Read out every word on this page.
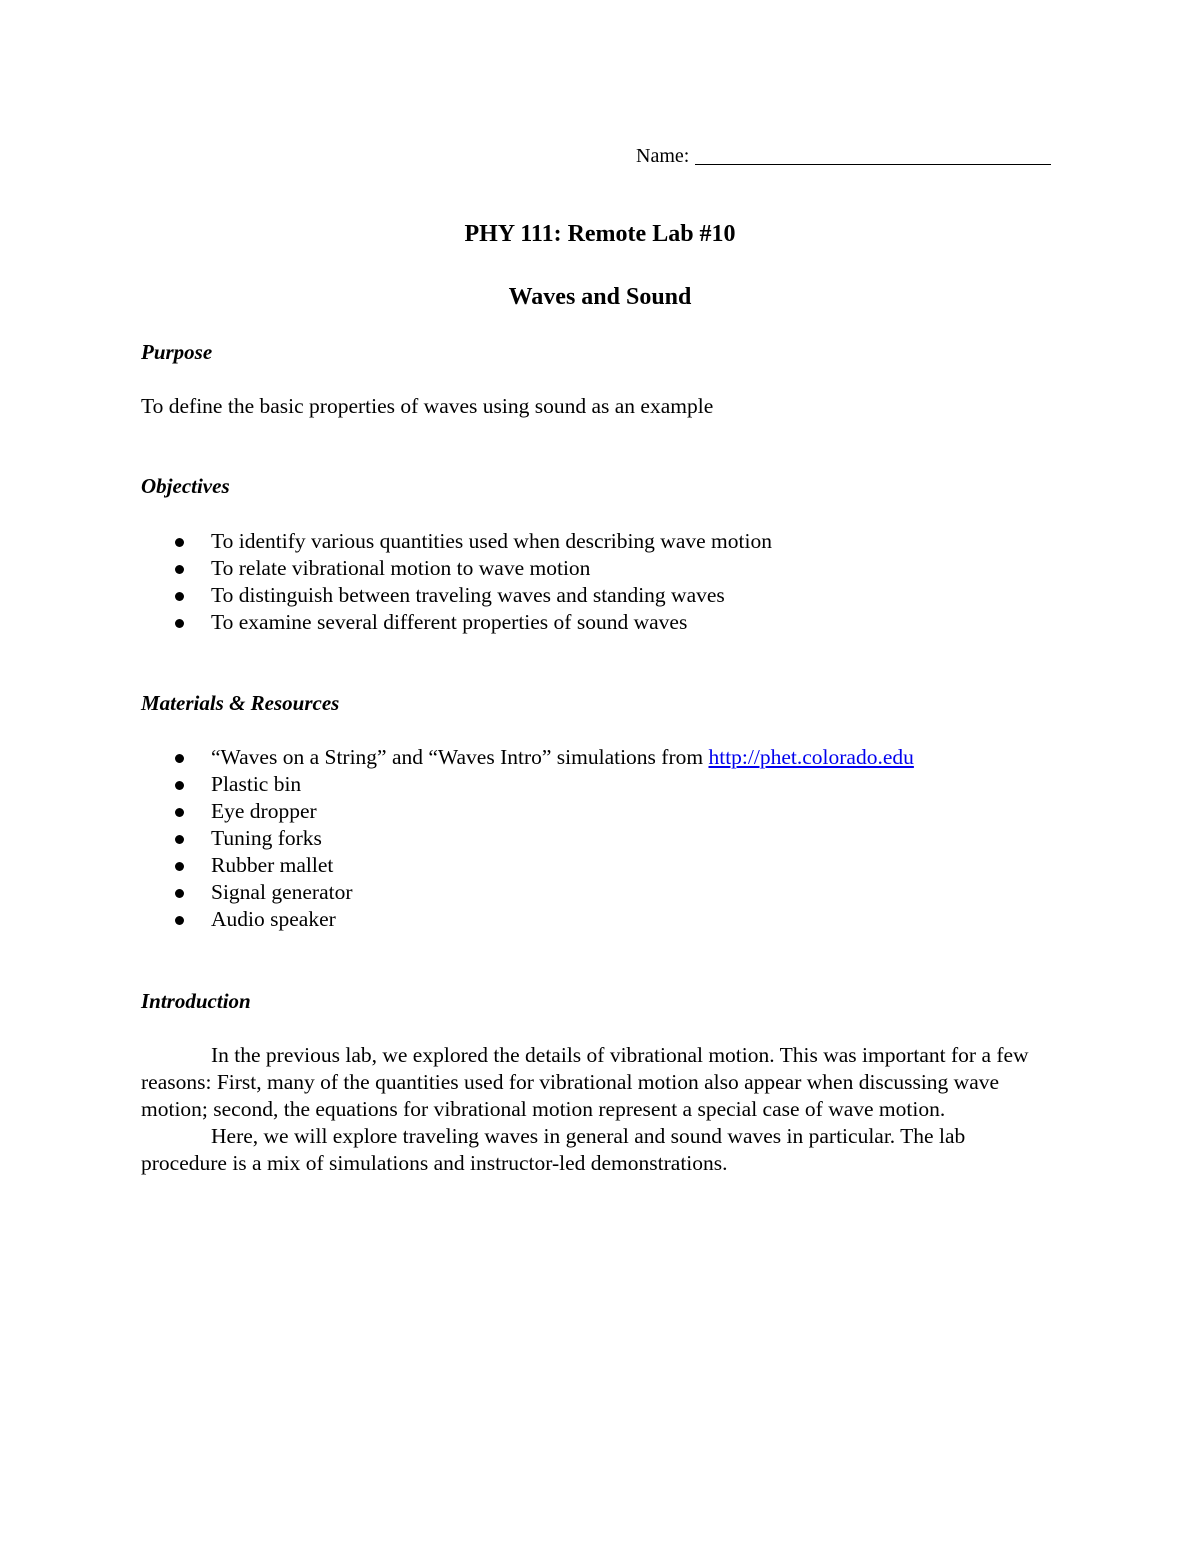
Name:
PHY 111: Remote Lab #10
Waves and Sound
Purpose
To define the basic properties of waves using sound as an example
Objectives
To identify various quantities used when describing wave motion
To relate vibrational motion to wave motion
To distinguish between traveling waves and standing waves
To examine several different properties of sound waves
Materials & Resources
“Waves on a String” and “Waves Intro” simulations from http://phet.colorado.edu
Plastic bin
Eye dropper
Tuning forks
Rubber mallet
Signal generator
Audio speaker
Introduction

In the previous lab, we explored the details of vibrational motion. This was important for a few reasons: First, many of the quantities used for vibrational motion also appear when discussing wave motion; second, the equations for vibrational motion represent a special case of wave motion.

Here, we will explore traveling waves in general and sound waves in particular. The lab procedure is a mix of simulations and instructor-led demonstrations.
